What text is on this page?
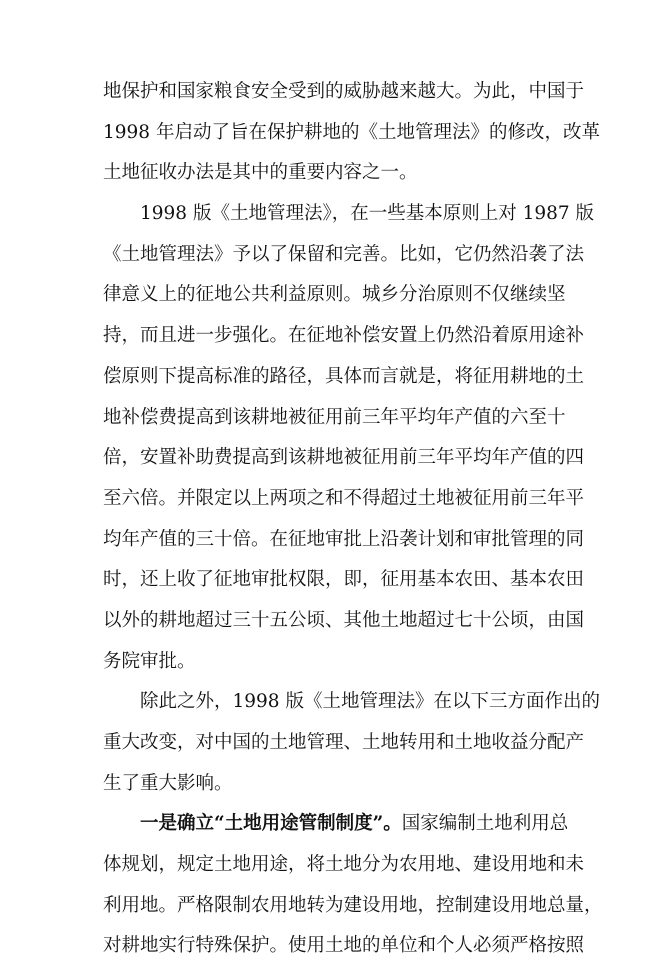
地保护和国家粮食安全受到的威胁越来越大。为此，中国于
1998 年启动了旨在保护耕地的《土地管理法》的修改，改革
土地征收办法是其中的重要内容之一。
1998 版《土地管理法》，在一些基本原则上对 1987 版
《土地管理法》予以了保留和完善。比如，它仍然沿袭了法
律意义上的征地公共利益原则。城乡分治原则不仅继续坚
持，而且进一步强化。在征地补偿安置上仍然沿着原用途补
偿原则下提高标准的路径，具体而言就是，将征用耕地的土
地补偿费提高到该耕地被征用前三年平均年产值的六至十
倍，安置补助费提高到该耕地被征用前三年平均年产值的四
至六倍。并限定以上两项之和不得超过土地被征用前三年平
均年产值的三十倍。在征地审批上沿袭计划和审批管理的同
时，还上收了征地审批权限，即，征用基本农田、基本农田
以外的耕地超过三十五公顷、其他土地超过七十公顷，由国
务院审批。
除此之外，1998 版《土地管理法》在以下三方面作出的
重大改变，对中国的土地管理、土地转用和土地收益分配产
生了重大影响。
一是确立“土地用途管制制度”。国家编制土地利用总
体规划，规定土地用途，将土地分为农用地、建设用地和未
利用地。严格限制农用地转为建设用地，控制建设用地总量，
对耕地实行特殊保护。使用土地的单位和个人必须严格按照
